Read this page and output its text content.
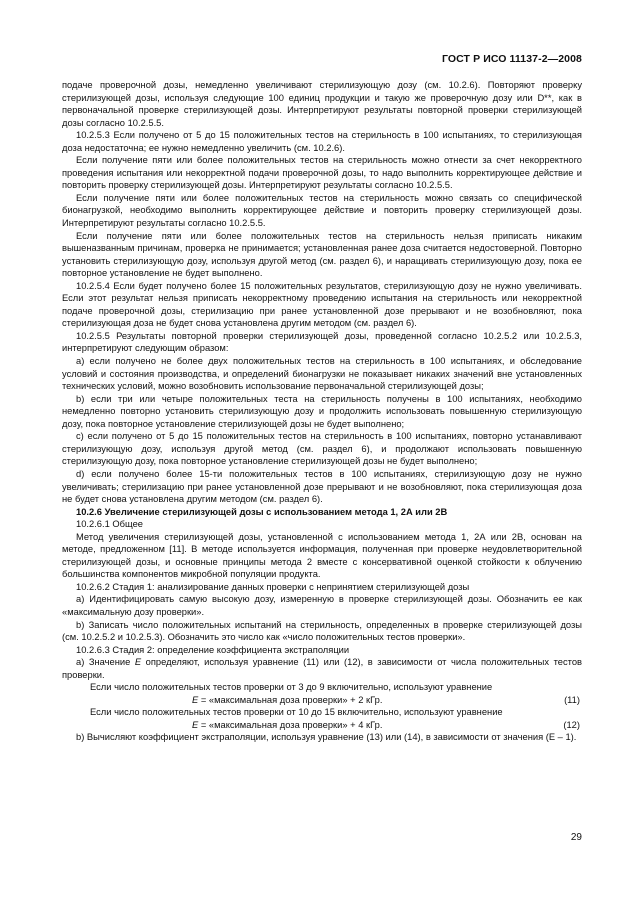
ГОСТ Р ИСО 11137-2—2008

подаче проверочной дозы, немедленно увеличивают стерилизующую дозу (см. 10.2.6). Повторяют проверку стерилизующей дозы, используя следующие 100 единиц продукции и такую же проверочную дозу или D**, как в первоначальной проверке стерилизующей дозы. Интерпретируют результаты повторной проверки стерилизующей дозы согласно 10.2.5.5.

10.2.5.3 Если получено от 5 до 15 положительных тестов на стерильность в 100 испытаниях, то стерилизующая доза недостаточна; ее нужно немедленно увеличить (см. 10.2.6).

Если получение пяти или более положительных тестов на стерильность можно отнести за счет некорректного проведения испытания или некорректной подачи проверочной дозы, то надо выполнить корректирующее действие и повторить проверку стерилизующей дозы. Интерпретируют результаты согласно 10.2.5.5.

Если получение пяти или более положительных тестов на стерильность можно связать со специфической бионагрузкой, необходимо выполнить корректирующее действие и повторить проверку стерилизующей дозы. Интерпретируют результаты согласно 10.2.5.5.

Если получение пяти или более положительных тестов на стерильность нельзя приписать никаким вышеназванным причинам, проверка не принимается; установленная ранее доза считается недостоверной. Повторно установить стерилизующую дозу, используя другой метод (см. раздел 6), и наращивать стерилизующую дозу, пока ее повторное установление не будет выполнено.

10.2.5.4 Если будет получено более 15 положительных результатов, стерилизующую дозу не нужно увеличивать. Если этот результат нельзя приписать некорректному проведению испытания на стерильность или некорректной подаче проверочной дозы, стерилизацию при ранее установленной дозе прерывают и не возобновляют, пока стерилизующая доза не будет снова установлена другим методом (см. раздел 6).

10.2.5.5 Результаты повторной проверки стерилизующей дозы, проведенной согласно 10.2.5.2 или 10.2.5.3, интерпретируют следующим образом:

a) если получено не более двух положительных тестов на стерильность в 100 испытаниях, и обследование условий и состояния производства, и определений бионагрузки не показывает никаких значений вне установленных технических условий, можно возобновить использование первоначальной стерилизующей дозы;

b) если три или четыре положительных теста на стерильность получены в 100 испытаниях, необходимо немедленно повторно установить стерилизующую дозу и продолжить использовать повышенную стерилизующую дозу, пока повторное установление стерилизующей дозы не будет выполнено;

c) если получено от 5 до 15 положительных тестов на стерильность в 100 испытаниях, повторно устанавливают стерилизующую дозу, используя другой метод (см. раздел 6), и продолжают использовать повышенную стерилизующую дозу, пока повторное установление стерилизующей дозы не будет выполнено;

d) если получено более 15-ти положительных тестов в 100 испытаниях, стерилизующую дозу не нужно увеличивать; стерилизацию при ранее установленной дозе прерывают и не возобновляют, пока стерилизующая доза не будет снова установлена другим методом (см. раздел 6).

10.2.6 Увеличение стерилизующей дозы с использованием метода 1, 2А или 2В

10.2.6.1 Общее

Метод увеличения стерилизующей дозы, установленной с использованием метода 1, 2А или 2В, основан на методе, предложенном [11]. В методе используется информация, полученная при проверке неудовлетворительной стерилизующей дозы, и основные принципы метода 2 вместе с консервативной оценкой стойкости к облучению большинства компонентов микробной популяции продукта.

10.2.6.2 Стадия 1: анализирование данных проверки с непринятием стерилизующей дозы

a) Идентифицировать самую высокую дозу, измеренную в проверке стерилизующей дозы. Обозначить ее как «максимальную дозу проверки».

b) Записать число положительных испытаний на стерильность, определенных в проверке стерилизующей дозы (см. 10.2.5.2 и 10.2.5.3). Обозначить это число как «число положительных тестов проверки».

10.2.6.3 Стадия 2: определение коэффициента экстраполяции

a) Значение E определяют, используя уравнение (11) или (12), в зависимости от числа положительных тестов проверки.

Если число положительных тестов проверки от 3 до 9 включительно, используют уравнение

E = «максимальная доза проверки» + 2 кГр.	(11)

Если число положительных тестов проверки от 10 до 15 включительно, используют уравнение

E = «максимальная доза проверки» + 4 кГр.	(12)

b) Вычисляют коэффициент экстраполяции, используя уравнение (13) или (14), в зависимости от значения (E – 1).

29
